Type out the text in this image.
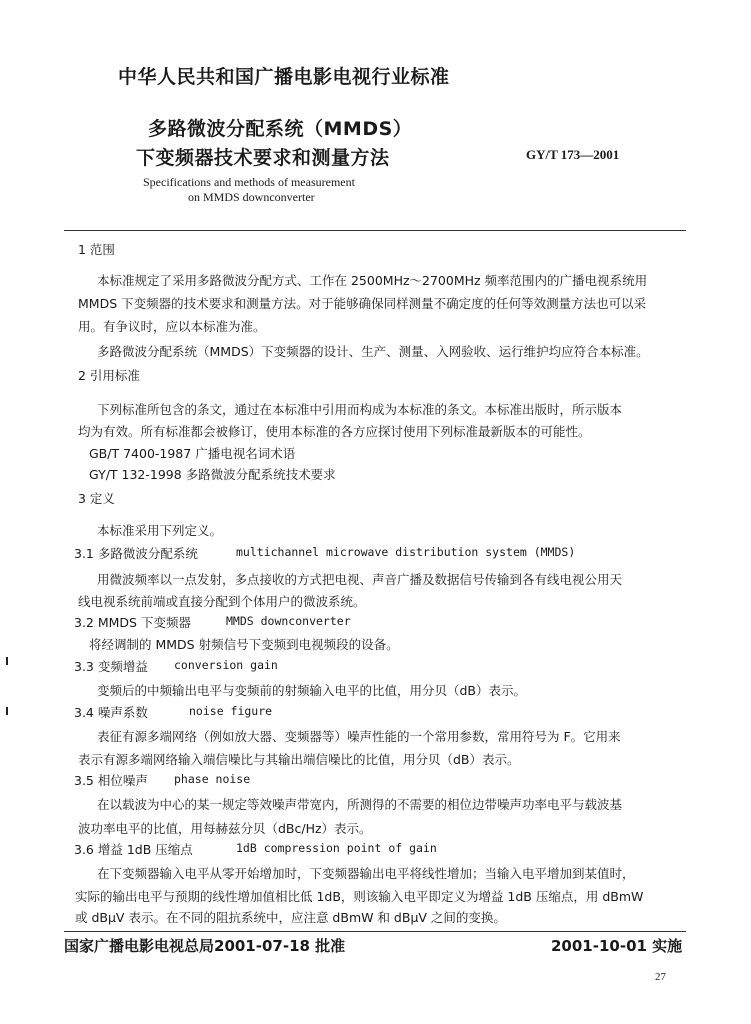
中华人民共和国广播电影电视行业标准
多路微波分配系统（MMDS）
下变频器技术要求和测量方法	GY/T 173—2001
Specifications and methods of measurement
on MMDS downconverter
1 范围
本标准规定了采用多路微波分配方式、工作在 2500MHz～2700MHz 频率范围内的广播电视系统用
MMDS 下变频器的技术要求和测量方法。对于能够确保同样测量不确定度的任何等效测量方法也可以采
用。有争议时，应以本标准为准。
多路微波分配系统（MMDS）下变频器的设计、生产、测量、入网验收、运行维护均应符合本标准。
2 引用标准
下列标准所包含的条文，通过在本标准中引用而构成为本标准的条文。本标准出版时，所示版本
均为有效。所有标准都会被修订，使用本标准的各方应探讨使用下列标准最新版本的可能性。
GB/T 7400-1987 广播电视名词术语
GY/T 132-1998 多路微波分配系统技术要求
3 定义
本标准采用下列定义。
3.1 多路微波分配系统	multichannel microwave distribution system (MMDS)
用微波频率以一点发射，多点接收的方式把电视、声音广播及数据信号传输到各有线电视公用天
线电视系统前端或直接分配到个体用户的微波系统。
3.2 MMDS 下变频器	MMDS downconverter
将经调制的 MMDS 射频信号下变频到电视频段的设备。
3.3 变频增益 conversion gain
变频后的中频输出电平与变频前的射频输入电平的比值，用分贝（dB）表示。
3.4 噪声系数	noise figure
表征有源多端网络（例如放大器、变频器等）噪声性能的一个常用参数，常用符号为 F。它用来
表示有源多端网络输入端信噪比与其输出端信噪比的比值，用分贝（dB）表示。
3.5 相位噪声 phase noise
在以载波为中心的某一规定等效噪声带宽内，所测得的不需要的相位边带噪声功率电平与载波基
波功率电平的比值，用每赫兹分贝（dBc/Hz）表示。
3.6 增益 1dB 压缩点	1dB compression point of gain
在下变频器输入电平从零开始增加时，下变频器输出电平将线性增加；当输入电平增加到某值时，
实际的输出电平与预期的线性增加值相比低 1dB，则该输入电平即定义为增益 1dB 压缩点，用 dBmW
或 dBμV 表示。在不同的阻抗系统中，应注意 dBmW 和 dBμV 之间的变换。
国家广播电影电视总局2001-07-18 批准	2001-10-01 实施
27
